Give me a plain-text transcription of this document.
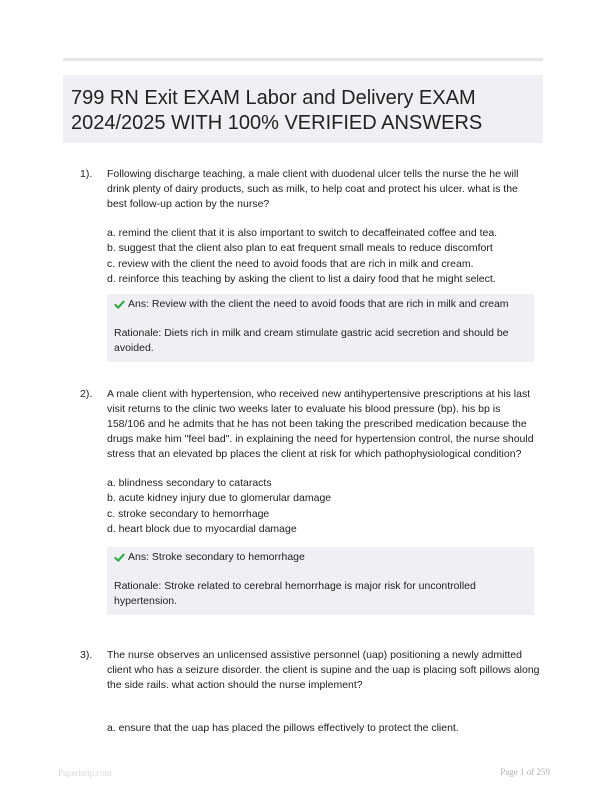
799 RN Exit EXAM Labor and Delivery EXAM 2024/2025 WITH 100% VERIFIED ANSWERS
1). Following discharge teaching, a male client with duodenal ulcer tells the nurse the he will drink plenty of dairy products, such as milk, to help coat and protect his ulcer. what is the best follow-up action by the nurse?

a. remind the client that it is also important to switch to decaffeinated coffee and tea.
b. suggest that the client also plan to eat frequent small meals to reduce discomfort
c. review with the client the need to avoid foods that are rich in milk and cream.
d. reinforce this teaching by asking the client to list a dairy food that he might select.
Ans: Review with the client the need to avoid foods that are rich in milk and cream
Rationale: Diets rich in milk and cream stimulate gastric acid secretion and should be avoided.
2). A male client with hypertension, who received new antihypertensive prescriptions at his last visit returns to the clinic two weeks later to evaluate his blood pressure (bp). his bp is 158/106 and he admits that he has not been taking the prescribed medication because the drugs make him "feel bad". in explaining the need for hypertension control, the nurse should stress that an elevated bp places the client at risk for which pathophysiological condition?

a. blindness secondary to cataracts
b. acute kidney injury due to glomerular damage
c. stroke secondary to hemorrhage
d. heart block due to myocardial damage
Ans: Stroke secondary to hemorrhage
Rationale: Stroke related to cerebral hemorrhage is major risk for uncontrolled hypertension.
3). The nurse observes an unlicensed assistive personnel (uap) positioning a newly admitted client who has a seizure disorder. the client is supine and the uap is placing soft pillows along the side rails. what action should the nurse implement?

a. ensure that the uap has placed the pillows effectively to protect the client.
Paperhelp.com	Page 1 of 259
